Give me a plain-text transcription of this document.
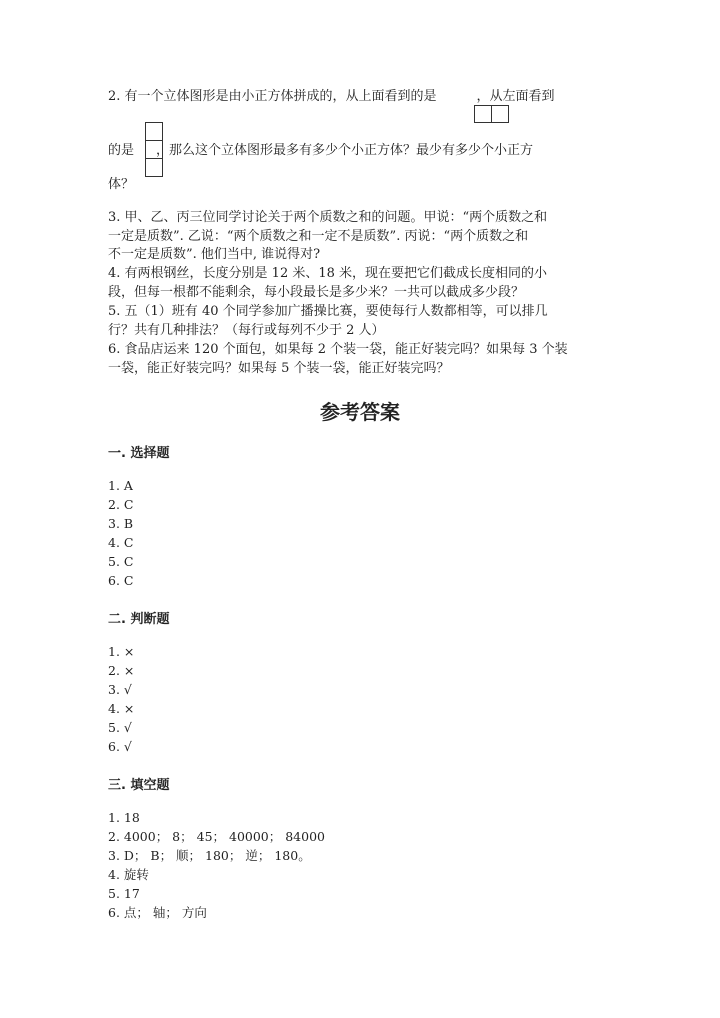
2. 有一个立体图形是由小正方体拼成的，从上面看到的是	，从左面看到
的是 ，那么这个立体图形最多有多少个小正方体？最少有多少个小正方
体？
3. 甲、乙、丙三位同学讨论关于两个质数之和的问题。甲说：“两个质数之和
一定是质数”. 乙说：“两个质数之和一定不是质数”. 丙说：“两个质数之和
不一定是质数”. 他们当中, 谁说得对?
4. 有两根钢丝，长度分别是 12 米、18 米，现在要把它们截成长度相同的小
段，但每一根都不能剩余，每小段最长是多少米？一共可以截成多少段？
5. 五（1）班有 40 个同学参加广播操比赛，要使每行人数都相等，可以排几
行？共有几种排法？（每行或每列不少于 2 人）
6. 食品店运来 120 个面包，如果每 2 个装一袋，能正好装完吗？如果每 3 个装
一袋，能正好装完吗？如果每 5 个装一袋，能正好装完吗？
参考答案
一. 选择题
1. A
2. C
3. B
4. C
5. C
6. C
二. 判断题
1. ×
2. ×
3. √
4. ×
5. √
6. √
三. 填空题
1. 18
2. 4000； 8； 45； 40000； 84000
3. D； B； 顺； 180； 逆； 180。
4. 旋转
5. 17
6. 点； 轴； 方向
